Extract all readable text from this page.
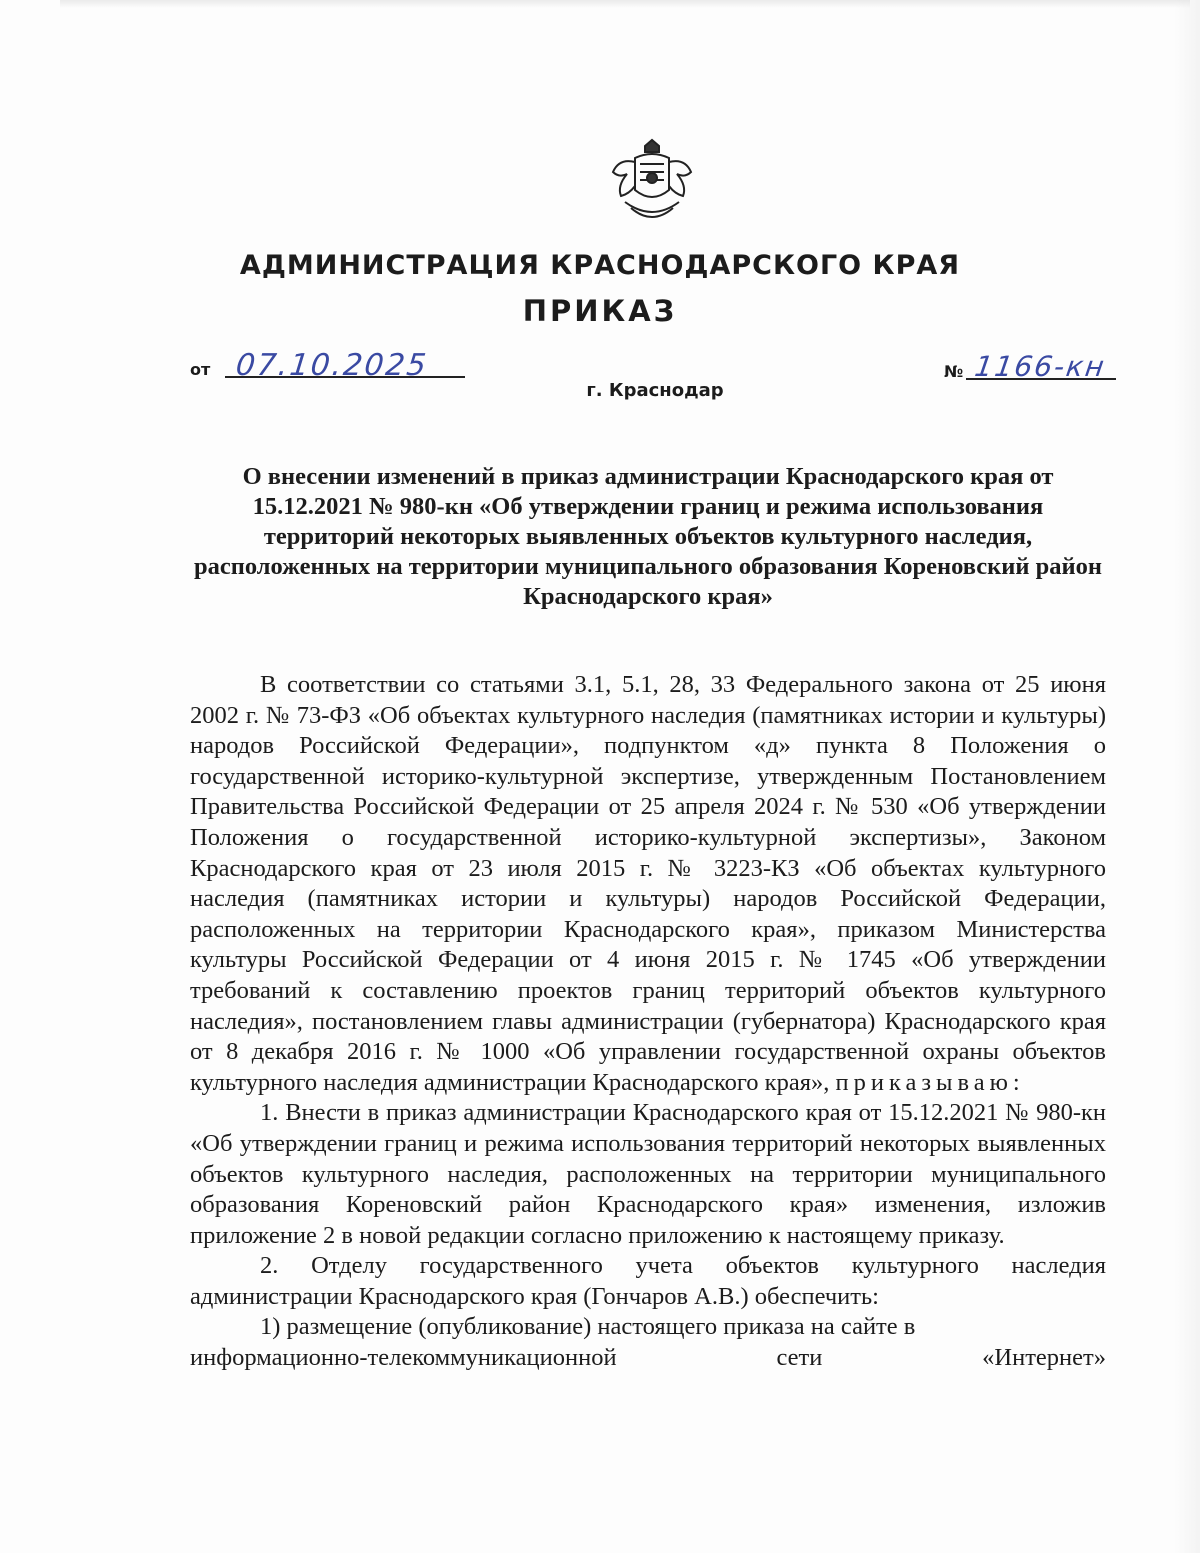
АДМИНИСТРАЦИЯ КРАСНОДАРСКОГО КРАЯ
ПРИКАЗ
от 07.10.2025	№ 1166-кн
г. Краснодар
О внесении изменений в приказ администрации Краснодарского края от 15.12.2021 № 980-кн «Об утверждении границ и режима использования территорий некоторых выявленных объектов культурного наследия, расположенных на территории муниципального образования Кореновский район Краснодарского края»

В соответствии со статьями 3.1, 5.1, 28, 33 Федерального закона от 25 июня 2002 г. № 73-ФЗ «Об объектах культурного наследия (памятниках истории и культуры) народов Российской Федерации», подпунктом «д» пункта 8 Положения о государственной историко-культурной экспертизе, утвержденным Постановлением Правительства Российской Федерации от 25 апреля 2024 г. № 530 «Об утверждении Положения о государственной историко-культурной экспертизы», Законом Краснодарского края от 23 июля 2015 г. № 3223-КЗ «Об объектах культурного наследия (памятниках истории и культуры) народов Российской Федерации, расположенных на территории Краснодарского края», приказом Министерства культуры Российской Федерации от 4 июня 2015 г. № 1745 «Об утверждении требований к составлению проектов границ территорий объектов культурного наследия», постановлением главы администрации (губернатора) Краснодарского края от 8 декабря 2016 г. № 1000 «Об управлении государственной охраны объектов культурного наследия администрации Краснодарского края», приказываю:

1. Внести в приказ администрации Краснодарского края от 15.12.2021 № 980-кн «Об утверждении границ и режима использования территорий некоторых выявленных объектов культурного наследия, расположенных на территории муниципального образования Кореновский район Краснодарского края» изменения, изложив приложение 2 в новой редакции согласно приложению к настоящему приказу.

2. Отделу государственного учета объектов культурного наследия администрации Краснодарского края (Гончаров А.В.) обеспечить:

1) размещение (опубликование) настоящего приказа на сайте в

информационно-телекоммуникационной	сети	«Интернет»
